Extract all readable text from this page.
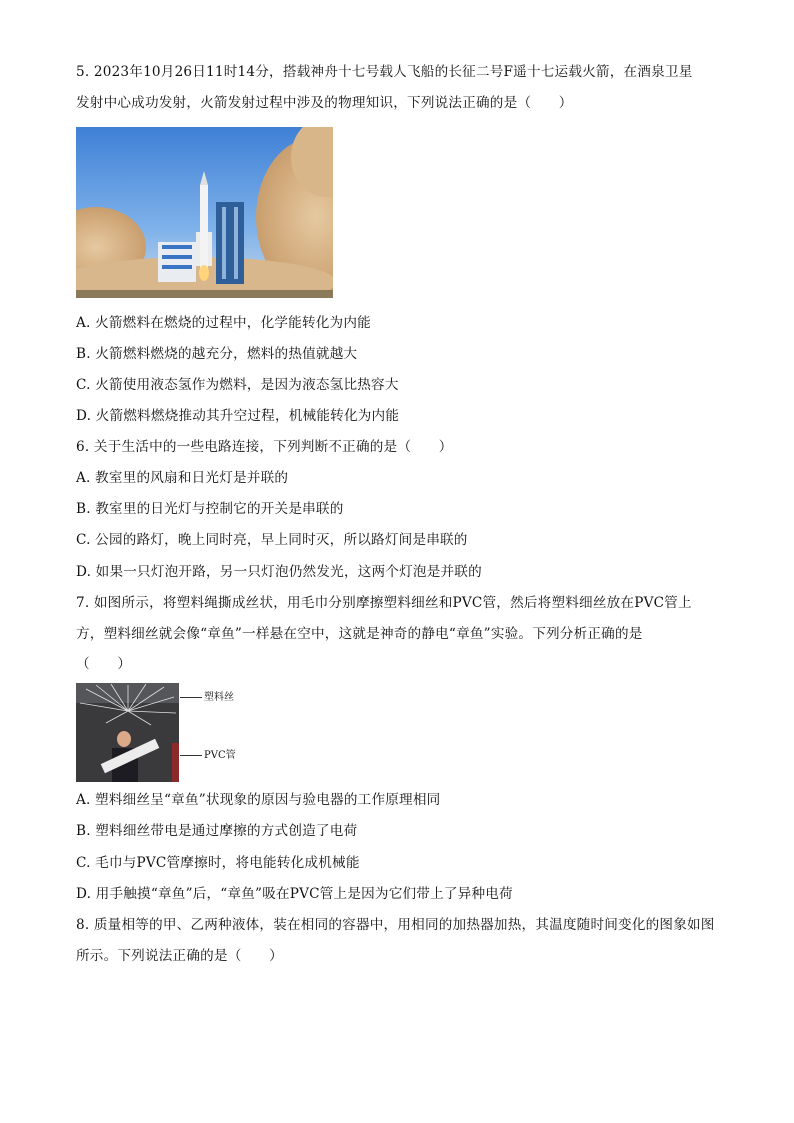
5. 2023年10月26日11时14分，搭载神舟十七号载人飞船的长征二号F遥十七运载火箭，在酒泉卫星
发射中心成功发射，火箭发射过程中涉及的物理知识，下列说法正确的是（　　）
A. 火箭燃料在燃烧的过程中，化学能转化为内能
B. 火箭燃料燃烧的越充分，燃料的热值就越大
C. 火箭使用液态氢作为燃料，是因为液态氢比热容大
D. 火箭燃料燃烧推动其升空过程，机械能转化为内能
6. 关于生活中的一些电路连接，下列判断不正确的是（　　）
A. 教室里的风扇和日光灯是并联的
B. 教室里的日光灯与控制它的开关是串联的
C. 公园的路灯，晚上同时亮，早上同时灭，所以路灯间是串联的
D. 如果一只灯泡开路，另一只灯泡仍然发光，这两个灯泡是并联的
7. 如图所示，将塑料绳撕成丝状，用毛巾分别摩擦塑料细丝和PVC管，然后将塑料细丝放在PVC管上
方，塑料细丝就会像“章鱼”一样悬在空中，这就是神奇的静电“章鱼”实验。下列分析正确的是
（　　）
塑料丝
PVC管
A. 塑料细丝呈“章鱼”状现象的原因与验电器的工作原理相同
B. 塑料细丝带电是通过摩擦的方式创造了电荷
C. 毛巾与PVC管摩擦时，将电能转化成机械能
D. 用手触摸“章鱼”后，“章鱼”吸在PVC管上是因为它们带上了异种电荷
8. 质量相等的甲、乙两种液体，装在相同的容器中，用相同的加热器加热，其温度随时间变化的图象如图
所示。下列说法正确的是（　　）
